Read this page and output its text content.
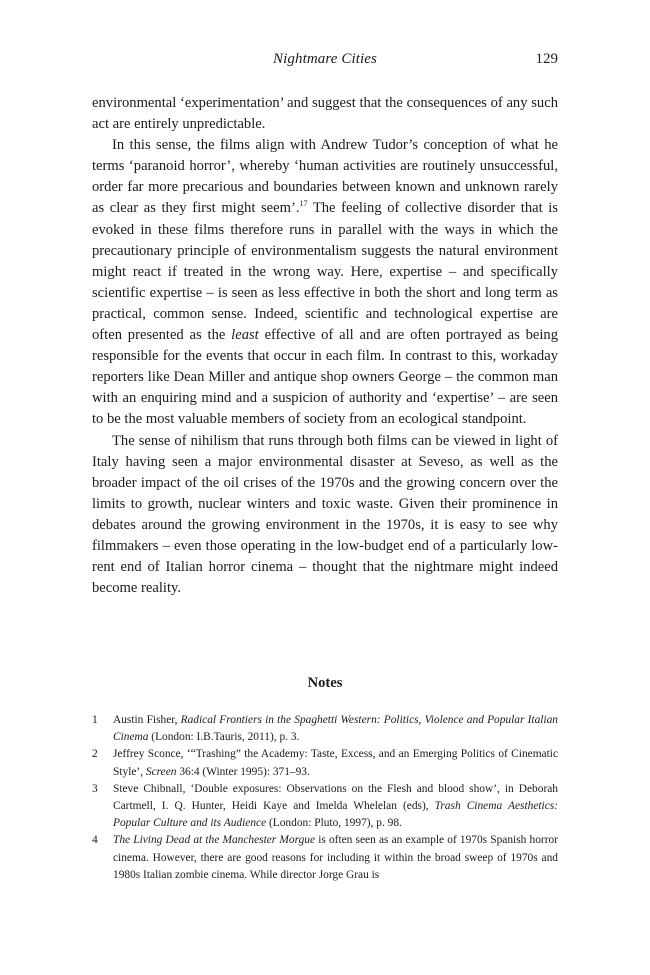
Nightmare Cities	129

environmental ‘experimentation’ and suggest that the consequences of any such act are entirely unpredictable.

In this sense, the films align with Andrew Tudor’s conception of what he terms ‘paranoid horror’, whereby ‘human activities are routinely unsuccessful, order far more precarious and boundaries between known and unknown rarely as clear as they first might seem’.$^{17}$ The feeling of collective disorder that is evoked in these films therefore runs in parallel with the ways in which the precautionary principle of environmentalism suggests the natural environment might react if treated in the wrong way. Here, expertise – and specifically scientific expertise – is seen as less effective in both the short and long term as practical, common sense. Indeed, scientific and technological expertise are often presented as the least effective of all and are often portrayed as being responsible for the events that occur in each film. In contrast to this, workaday reporters like Dean Miller and antique shop owners George – the common man with an enquiring mind and a suspicion of authority and ‘expertise’ – are seen to be the most valuable members of society from an ecological standpoint.

The sense of nihilism that runs through both films can be viewed in light of Italy having seen a major environmental disaster at Seveso, as well as the broader impact of the oil crises of the 1970s and the growing concern over the limits to growth, nuclear winters and toxic waste. Given their prominence in debates around the growing environment in the 1970s, it is easy to see why filmmakers – even those operating in the low-budget end of a particularly low-rent end of Italian horror cinema – thought that the nightmare might indeed become reality.

Notes
1 Austin Fisher, Radical Frontiers in the Spaghetti Western: Politics, Violence and Popular Italian Cinema (London: I.B.Tauris, 2011), p. 3.
2 Jeffrey Sconce, ‘“Trashing” the Academy: Taste, Excess, and an Emerging Politics of Cinematic Style’, Screen 36:4 (Winter 1995): 371–93.
3 Steve Chibnall, ‘Double exposures: Observations on the Flesh and blood show’, in Deborah Cartmell, I. Q. Hunter, Heidi Kaye and Imelda Whelelan (eds), Trash Cinema Aesthetics: Popular Culture and its Audience (London: Pluto, 1997), p. 98.
4 The Living Dead at the Manchester Morgue is often seen as an example of 1970s Spanish horror cinema. However, there are good reasons for including it within the broad sweep of 1970s and 1980s Italian zombie cinema. While director Jorge Grau is
